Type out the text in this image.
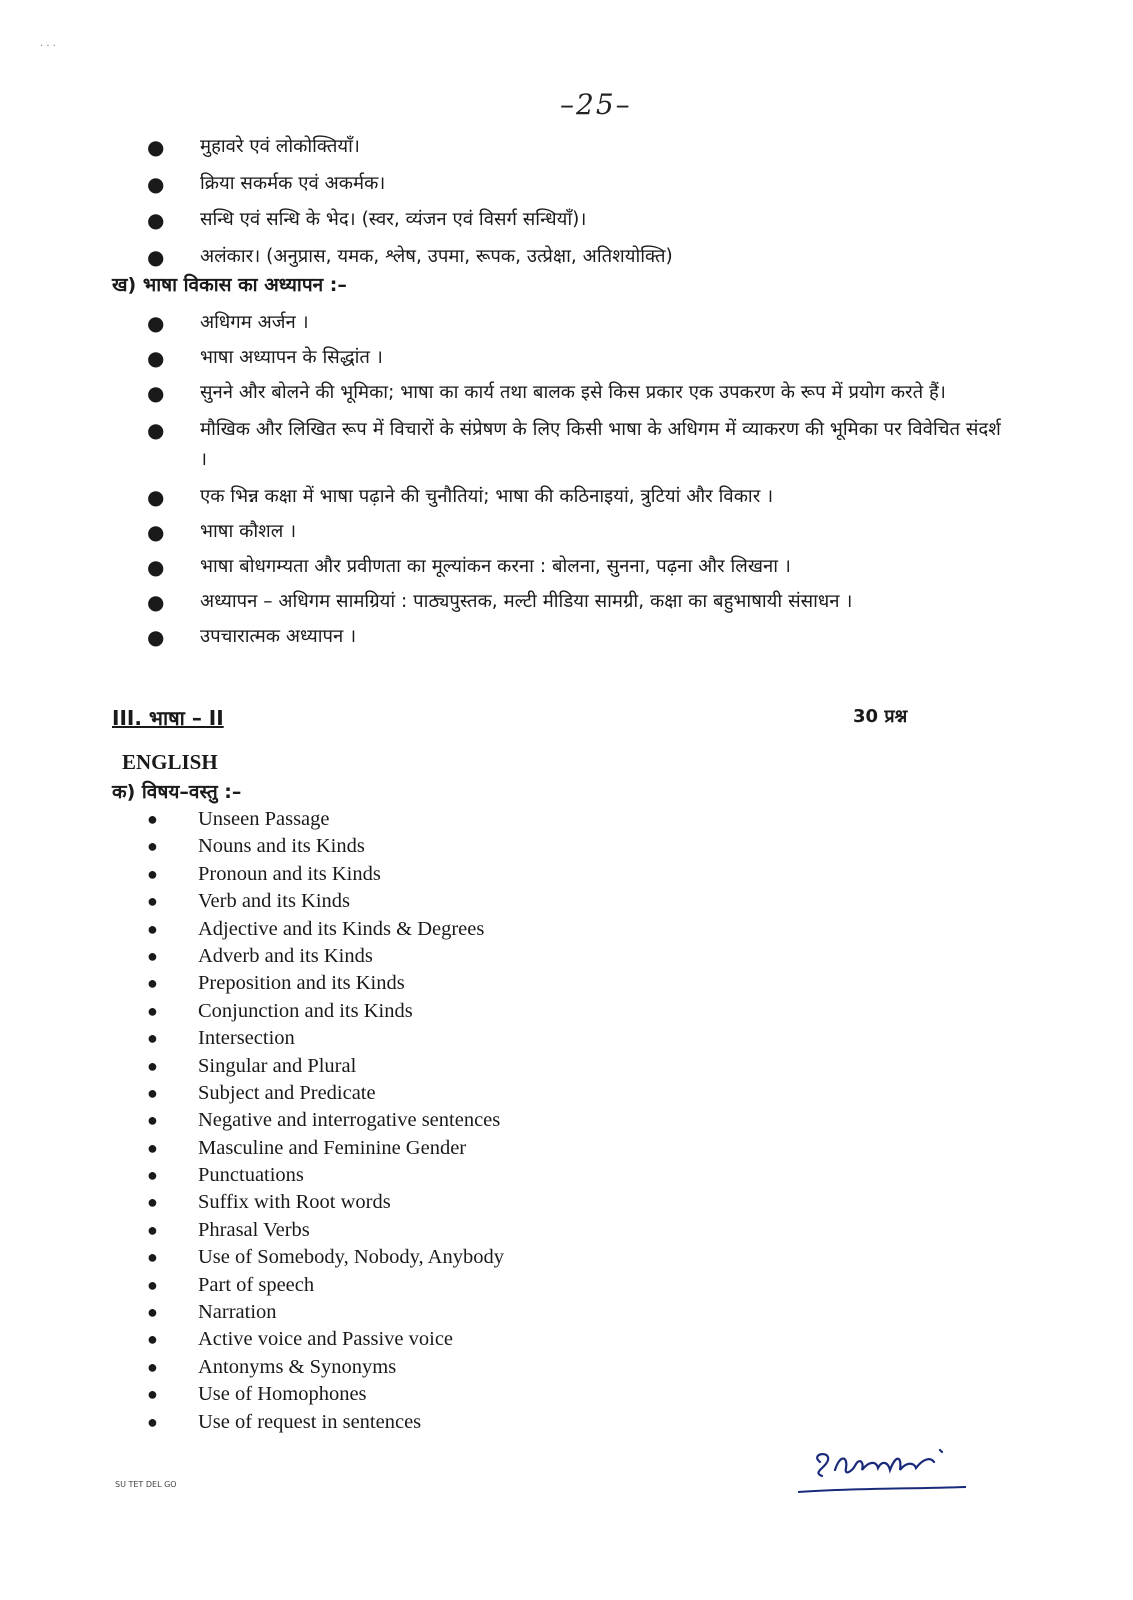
· · ·
–25–
● मुहावरे एवं लोकोक्तियाँ।
● क्रिया सकर्मक एवं अकर्मक।
● सन्धि एवं सन्धि के भेद। (स्वर, व्यंजन एवं विसर्ग सन्धियाँ)।
● अलंकार। (अनुप्रास, यमक, श्लेष, उपमा, रूपक, उत्प्रेक्षा, अतिशयोक्ति)
ख) भाषा विकास का अध्यापन :–
● अधिगम अर्जन ।
● भाषा अध्यापन के सिद्धांत ।
● सुनने और बोलने की भूमिका; भाषा का कार्य तथा बालक इसे किस प्रकार एक उपकरण के रूप में प्रयोग करते हैं।
● मौखिक और लिखित रूप में विचारों के संप्रेषण के लिए किसी भाषा के अधिगम में व्याकरण की भूमिका पर विवेचित संदर्श ।
● एक भिन्न कक्षा में भाषा पढ़ाने की चुनौतियां; भाषा की कठिनाइयां, त्रुटियां और विकार ।
● भाषा कौशल ।
● भाषा बोधगम्यता और प्रवीणता का मूल्यांकन करना : बोलना, सुनना, पढ़ना और लिखना ।
● अध्यापन – अधिगम सामग्रियां : पाठ्यपुस्तक, मल्टी मीडिया सामग्री, कक्षा का बहुभाषायी संसाधन ।
● उपचारात्मक अध्यापन ।
III. भाषा – II	30 प्रश्न
ENGLISH
क) विषय–वस्तु :–
● Unseen Passage
● Nouns and its Kinds
● Pronoun and its Kinds
● Verb and its Kinds
● Adjective and its Kinds & Degrees
● Adverb and its Kinds
● Preposition and its Kinds
● Conjunction and its Kinds
● Intersection
● Singular and Plural
● Subject and Predicate
● Negative and interrogative sentences
● Masculine and Feminine Gender
● Punctuations
● Suffix with Root words
● Phrasal Verbs
● Use of Somebody, Nobody, Anybody
● Part of speech
● Narration
● Active voice and Passive voice
● Antonyms & Synonyms
● Use of Homophones
● Use of request in sentences
SU TET DEL GO
